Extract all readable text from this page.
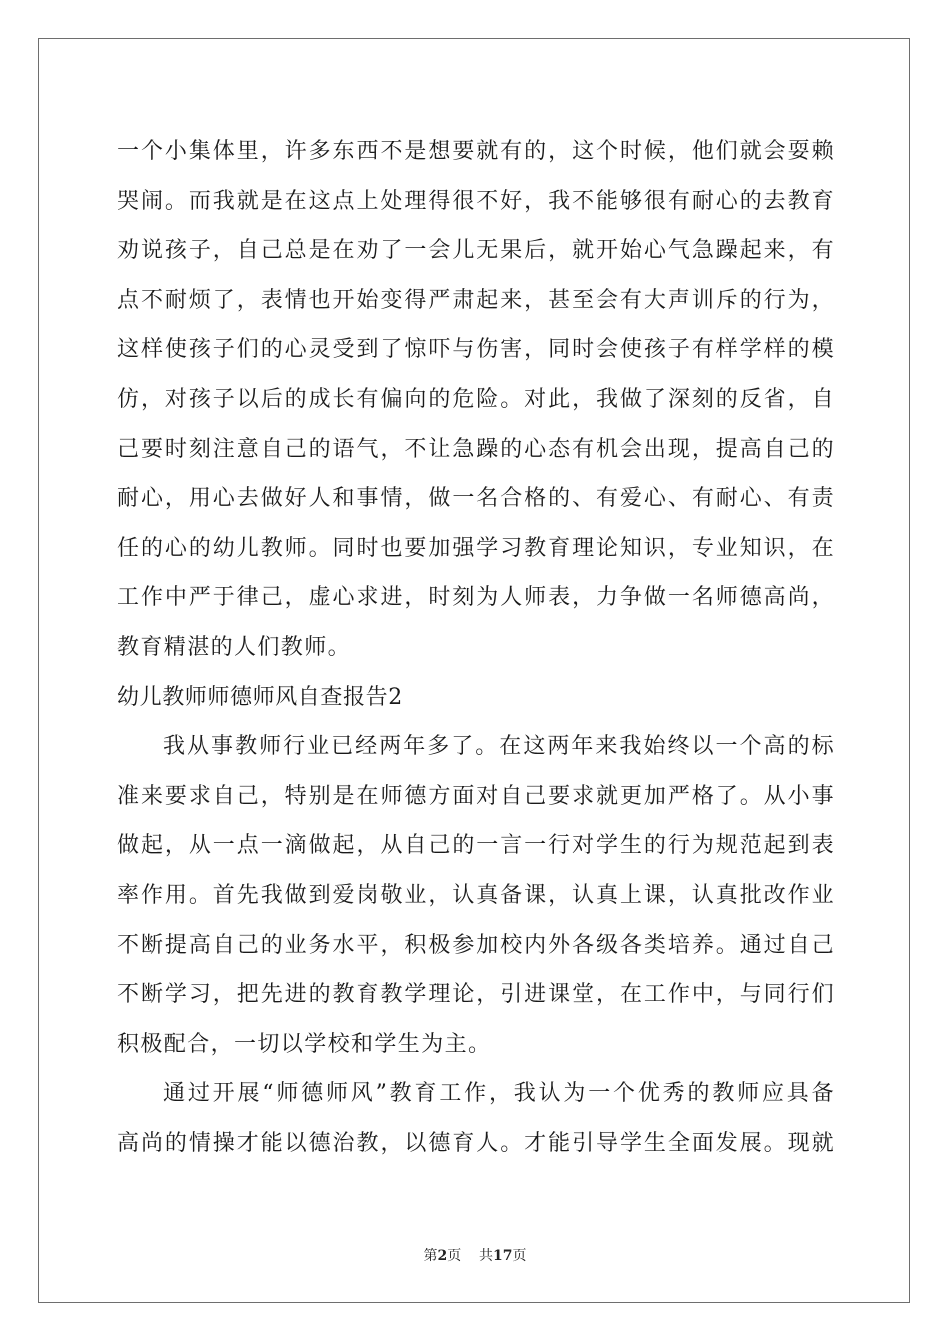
一个小集体里，许多东西不是想要就有的，这个时候，他们就会耍赖
哭闹。而我就是在这点上处理得很不好，我不能够很有耐心的去教育
劝说孩子，自己总是在劝了一会儿无果后，就开始心气急躁起来，有
点不耐烦了，表情也开始变得严肃起来，甚至会有大声训斥的行为，
这样使孩子们的心灵受到了惊吓与伤害，同时会使孩子有样学样的模
仿，对孩子以后的成长有偏向的危险。对此，我做了深刻的反省，自
己要时刻注意自己的语气，不让急躁的心态有机会出现，提高自己的
耐心，用心去做好人和事情，做一名合格的、有爱心、有耐心、有责
任的心的幼儿教师。同时也要加强学习教育理论知识，专业知识，在
工作中严于律己，虚心求进，时刻为人师表，力争做一名师德高尚，
教育精湛的人们教师。
幼儿教师师德师风自查报告2
我从事教师行业已经两年多了。在这两年来我始终以一个高的标
准来要求自己，特别是在师德方面对自己要求就更加严格了。从小事
做起，从一点一滴做起，从自己的一言一行对学生的行为规范起到表
率作用。首先我做到爱岗敬业，认真备课，认真上课，认真批改作业
不断提高自己的业务水平，积极参加校内外各级各类培养。通过自己
不断学习，把先进的教育教学理论，引进课堂，在工作中，与同行们
积极配合，一切以学校和学生为主。
通过开展“师德师风”教育工作，我认为一个优秀的教师应具备
高尚的情操才能以德治教，以德育人。才能引导学生全面发展。现就
第2页 共17页
